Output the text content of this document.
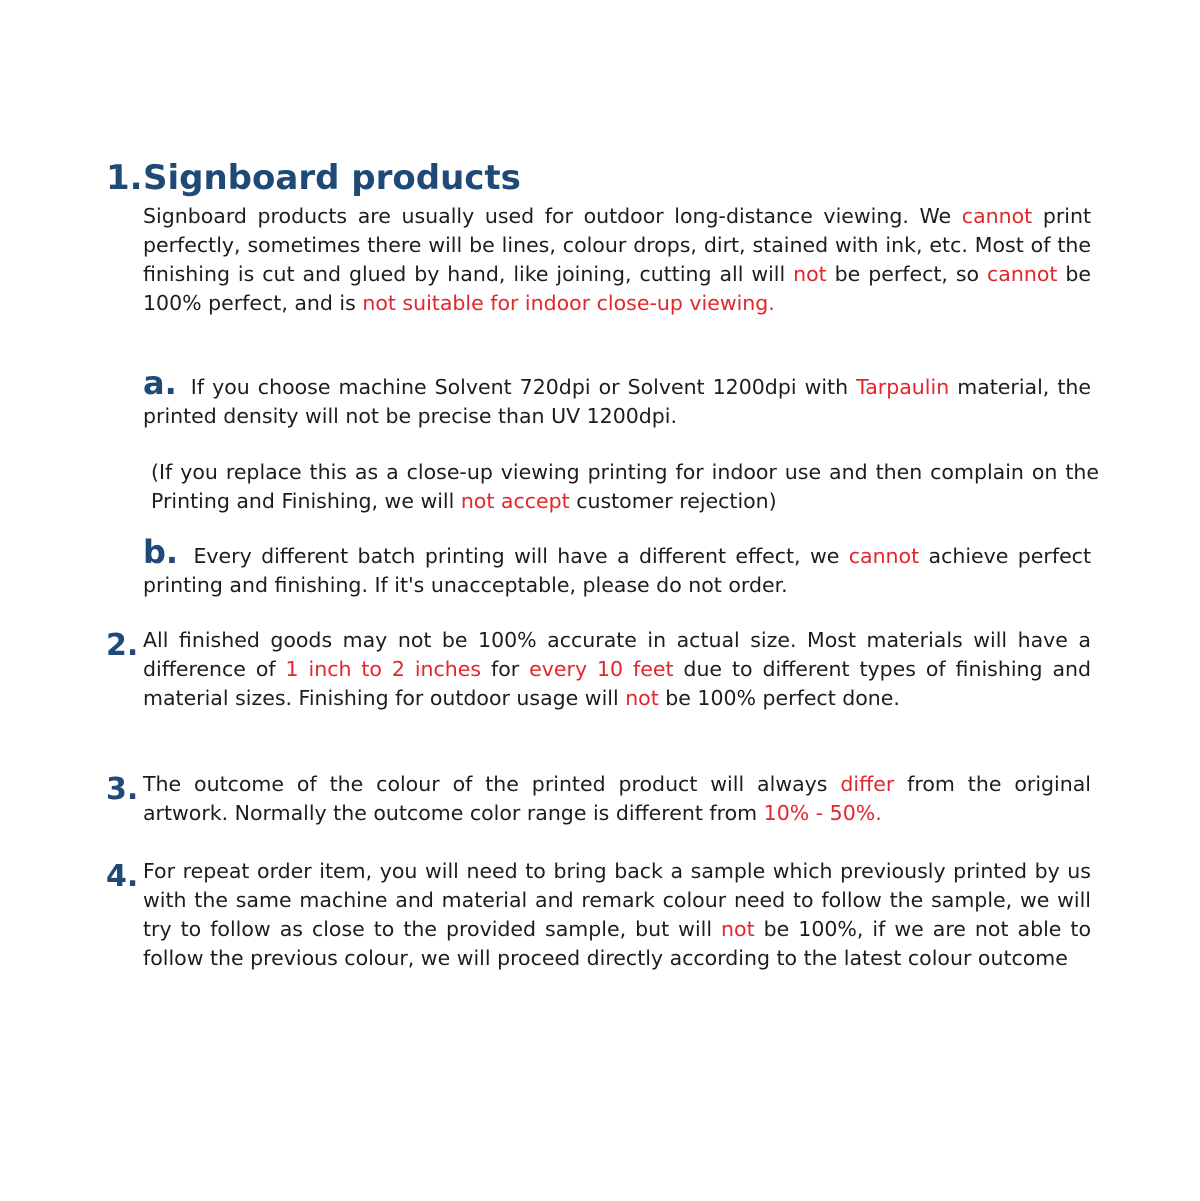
1. Signboard products
Signboard products are usually used for outdoor long-distance viewing. We cannot print perfectly, sometimes there will be lines, colour drops, dirt, stained with ink, etc. Most of the finishing is cut and glued by hand, like joining, cutting all will not be perfect, so cannot be 100% perfect, and is not suitable for indoor close-up viewing.
a. If you choose machine Solvent 720dpi or Solvent 1200dpi with Tarpaulin material, the printed density will not be precise than UV 1200dpi.
(If you replace this as a close-up viewing printing for indoor use and then complain on the Printing and Finishing, we will not accept customer rejection)
b. Every different batch printing will have a different effect, we cannot achieve perfect printing and finishing. If it's unacceptable, please do not order.
2. All finished goods may not be 100% accurate in actual size. Most materials will have a difference of 1 inch to 2 inches for every 10 feet due to different types of finishing and material sizes. Finishing for outdoor usage will not be 100% perfect done.
3. The outcome of the colour of the printed product will always differ from the original artwork. Normally the outcome color range is different from 10% - 50%.
4. For repeat order item, you will need to bring back a sample which previously printed by us with the same machine and material and remark colour need to follow the sample, we will try to follow as close to the provided sample, but will not be 100%, if we are not able to follow the previous colour, we will proceed directly according to the latest colour outcome
